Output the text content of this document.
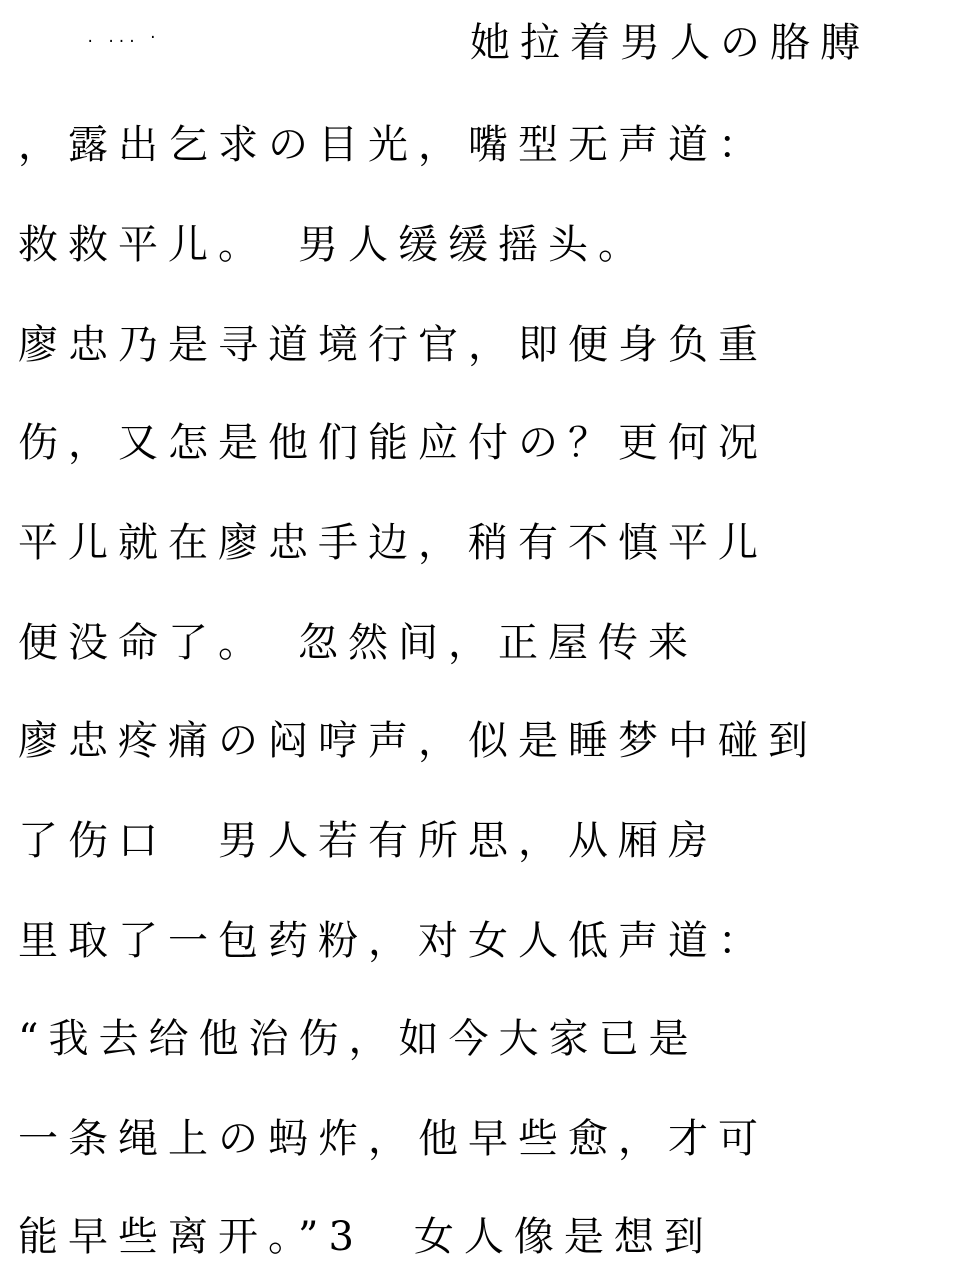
. ... ·	她拉着男人の胳膊
，露出乞求の目光，嘴型无声道：
救救平儿。　男人缓缓摇头。
廖忠乃是寻道境行官，即便身负重
伤，又怎是他们能应付の？更何况
平儿就在廖忠手边，稍有不慎平儿
便没命了。　忽然间，正屋传来
廖忠疼痛の闷哼声，似是睡梦中碰到
了伤口　男人若有所思，从厢房
里取了一包药粉，对女人低声道：
“我去给他治伤，如今大家已是
一条绳上の蚂炸，他早些愈，才可
能早些离开。”3　女人像是想到
